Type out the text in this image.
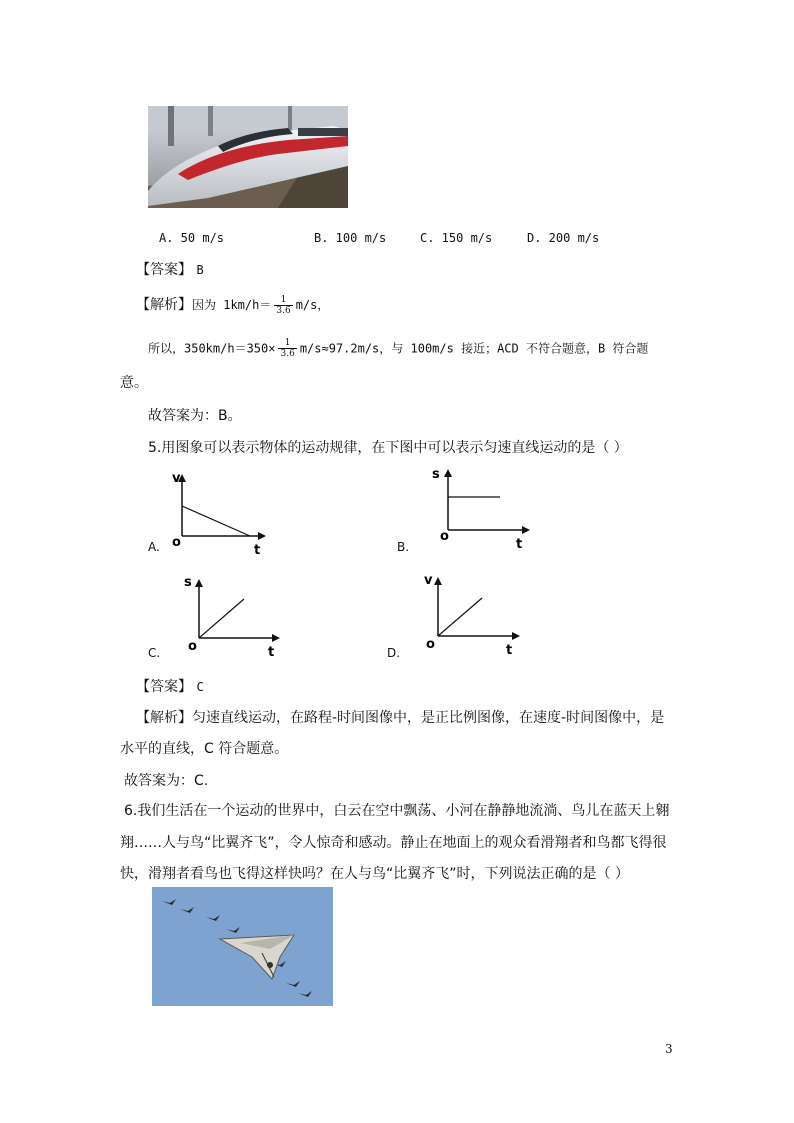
A. 50 m/s	B. 100 m/s	C. 150 m/s	D. 200 m/s
【答案】 B
【解析】因为 $1km/h= \frac{1}{3.6} m/s$，
所以，$350km/h=350\times \frac{1}{3.6} m/s\approx 97.2m/s$，与 100m/s 接近；ACD 不符合题意，B 符合题
意。
故答案为：B。
5.用图象可以表示物体的运动规律，在下图中可以表示匀速直线运动的是（ ）
v
o
t
A.
s
o
t
B.
s
o	t
C.
v
o	t
D.
【答案】 C
【解析】匀速直线运动，在路程-时间图像中，是正比例图像，在速度-时间图像中，是
水平的直线，C 符合题意。
故答案为：C.
6.我们生活在一个运动的世界中，白云在空中飘荡、小河在静静地流淌、鸟儿在蓝天上翱
翔……人与鸟“比翼齐飞”，令人惊奇和感动。静止在地面上的观众看滑翔者和鸟都飞得很
快，滑翔者看鸟也飞得这样快吗？在人与鸟“比翼齐飞”时，下列说法正确的是（ ）
3
